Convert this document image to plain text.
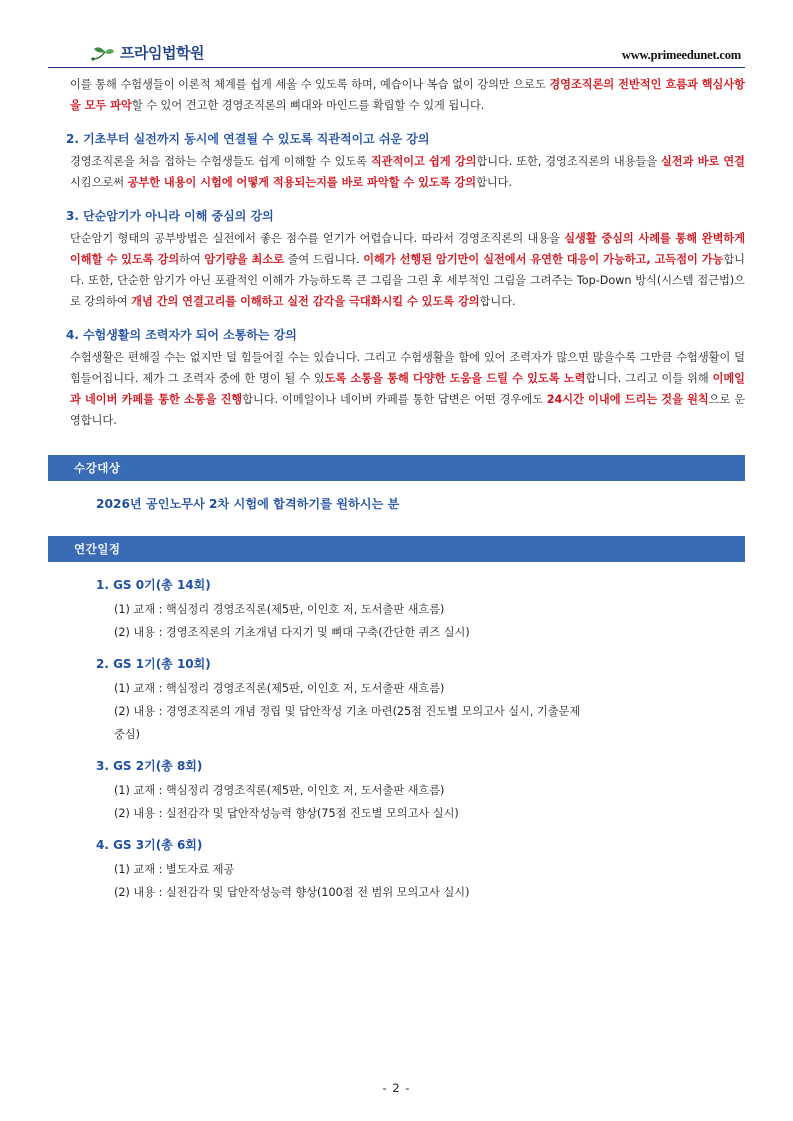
프라임법학원	www.primeedunet.com
이를 통해 수험생들이 이론적 체계를 쉽게 세울 수 있도록 하며, 예습이나 복습 없이 강의만 으로도 경영조직론의 전반적인 흐름과 핵심사항을 모두 파악할 수 있어 견고한 경영조직론의 뼈대와 마인드를 확립할 수 있게 됩니다.
2. 기초부터 실전까지 동시에 연결될 수 있도록 직관적이고 쉬운 강의
경영조직론을 처음 접하는 수험생들도 쉽게 이해할 수 있도록 직관적이고 쉽게 강의합니다. 또한, 경영조직론의 내용들을 실전과 바로 연결시킴으로써 공부한 내용이 시험에 어떻게 적용되는지를 바로 파악할 수 있도록 강의합니다.
3. 단순암기가 아니라 이해 중심의 강의
단순암기 형태의 공부방법은 실전에서 좋은 점수를 얻기가 어렵습니다. 따라서 경영조직론의 내용을 실생활 중심의 사례를 통해 완벽하게 이해할 수 있도록 강의하여 암기량을 최소로 줄여 드립니다. 이해가 선행된 암기만이 실전에서 유연한 대응이 가능하고, 고득점이 가능합니다. 또한, 단순한 암기가 아닌 포괄적인 이해가 가능하도록 큰 그림을 그린 후 세부적인 그림을 그려주는 Top-Down 방식(시스템 접근법)으로 강의하여 개념 간의 연결고리를 이해하고 실전 감각을 극대화시킬 수 있도록 강의합니다.
4. 수험생활의 조력자가 되어 소통하는 강의
수험생활은 편해질 수는 없지만 덜 힘들어질 수는 있습니다. 그리고 수험생활을 함에 있어 조력자가 많으면 많을수록 그만큼 수험생활이 덜 힘들어집니다. 제가 그 조력자 중에 한 명이 될 수 있도록 소통을 통해 다양한 도움을 드릴 수 있도록 노력합니다. 그리고 이들 위해 이메일과 네이버 카페를 통한 소통을 진행합니다. 이메일이나 네이버 카페를 통한 답변은 어떤 경우에도 24시간 이내에 드리는 것을 원칙으로 운영합니다.
수강대상
2026년 공인노무사 2차 시험에 합격하기를 원하시는 분
연간일정
1. GS 0기(총 14회)
(1) 교재 : 핵심정리 경영조직론(제5판, 이인호 저, 도서출판 새흐름)
(2) 내용 : 경영조직론의 기초개념 다지기 및 뼈대 구축(간단한 퀴즈 실시)
2. GS 1기(총 10회)
(1) 교재 : 핵심정리 경영조직론(제5판, 이인호 저, 도서출판 새흐름)
(2) 내용 : 경영조직론의 개념 정립 및 답안작성 기초 마련(25점 진도별 모의고사 실시, 기출문제
중심)
3. GS 2기(총 8회)
(1) 교재 : 핵심정리 경영조직론(제5판, 이인호 저, 도서출판 새흐름)
(2) 내용 : 실전감각 및 답안작성능력 향상(75점 진도별 모의고사 실시)
4. GS 3기(총 6회)
(1) 교재 : 별도자료 제공
(2) 내용 : 실전감각 및 답안작성능력 향상(100점 전 범위 모의고사 실시)
- 2 -
